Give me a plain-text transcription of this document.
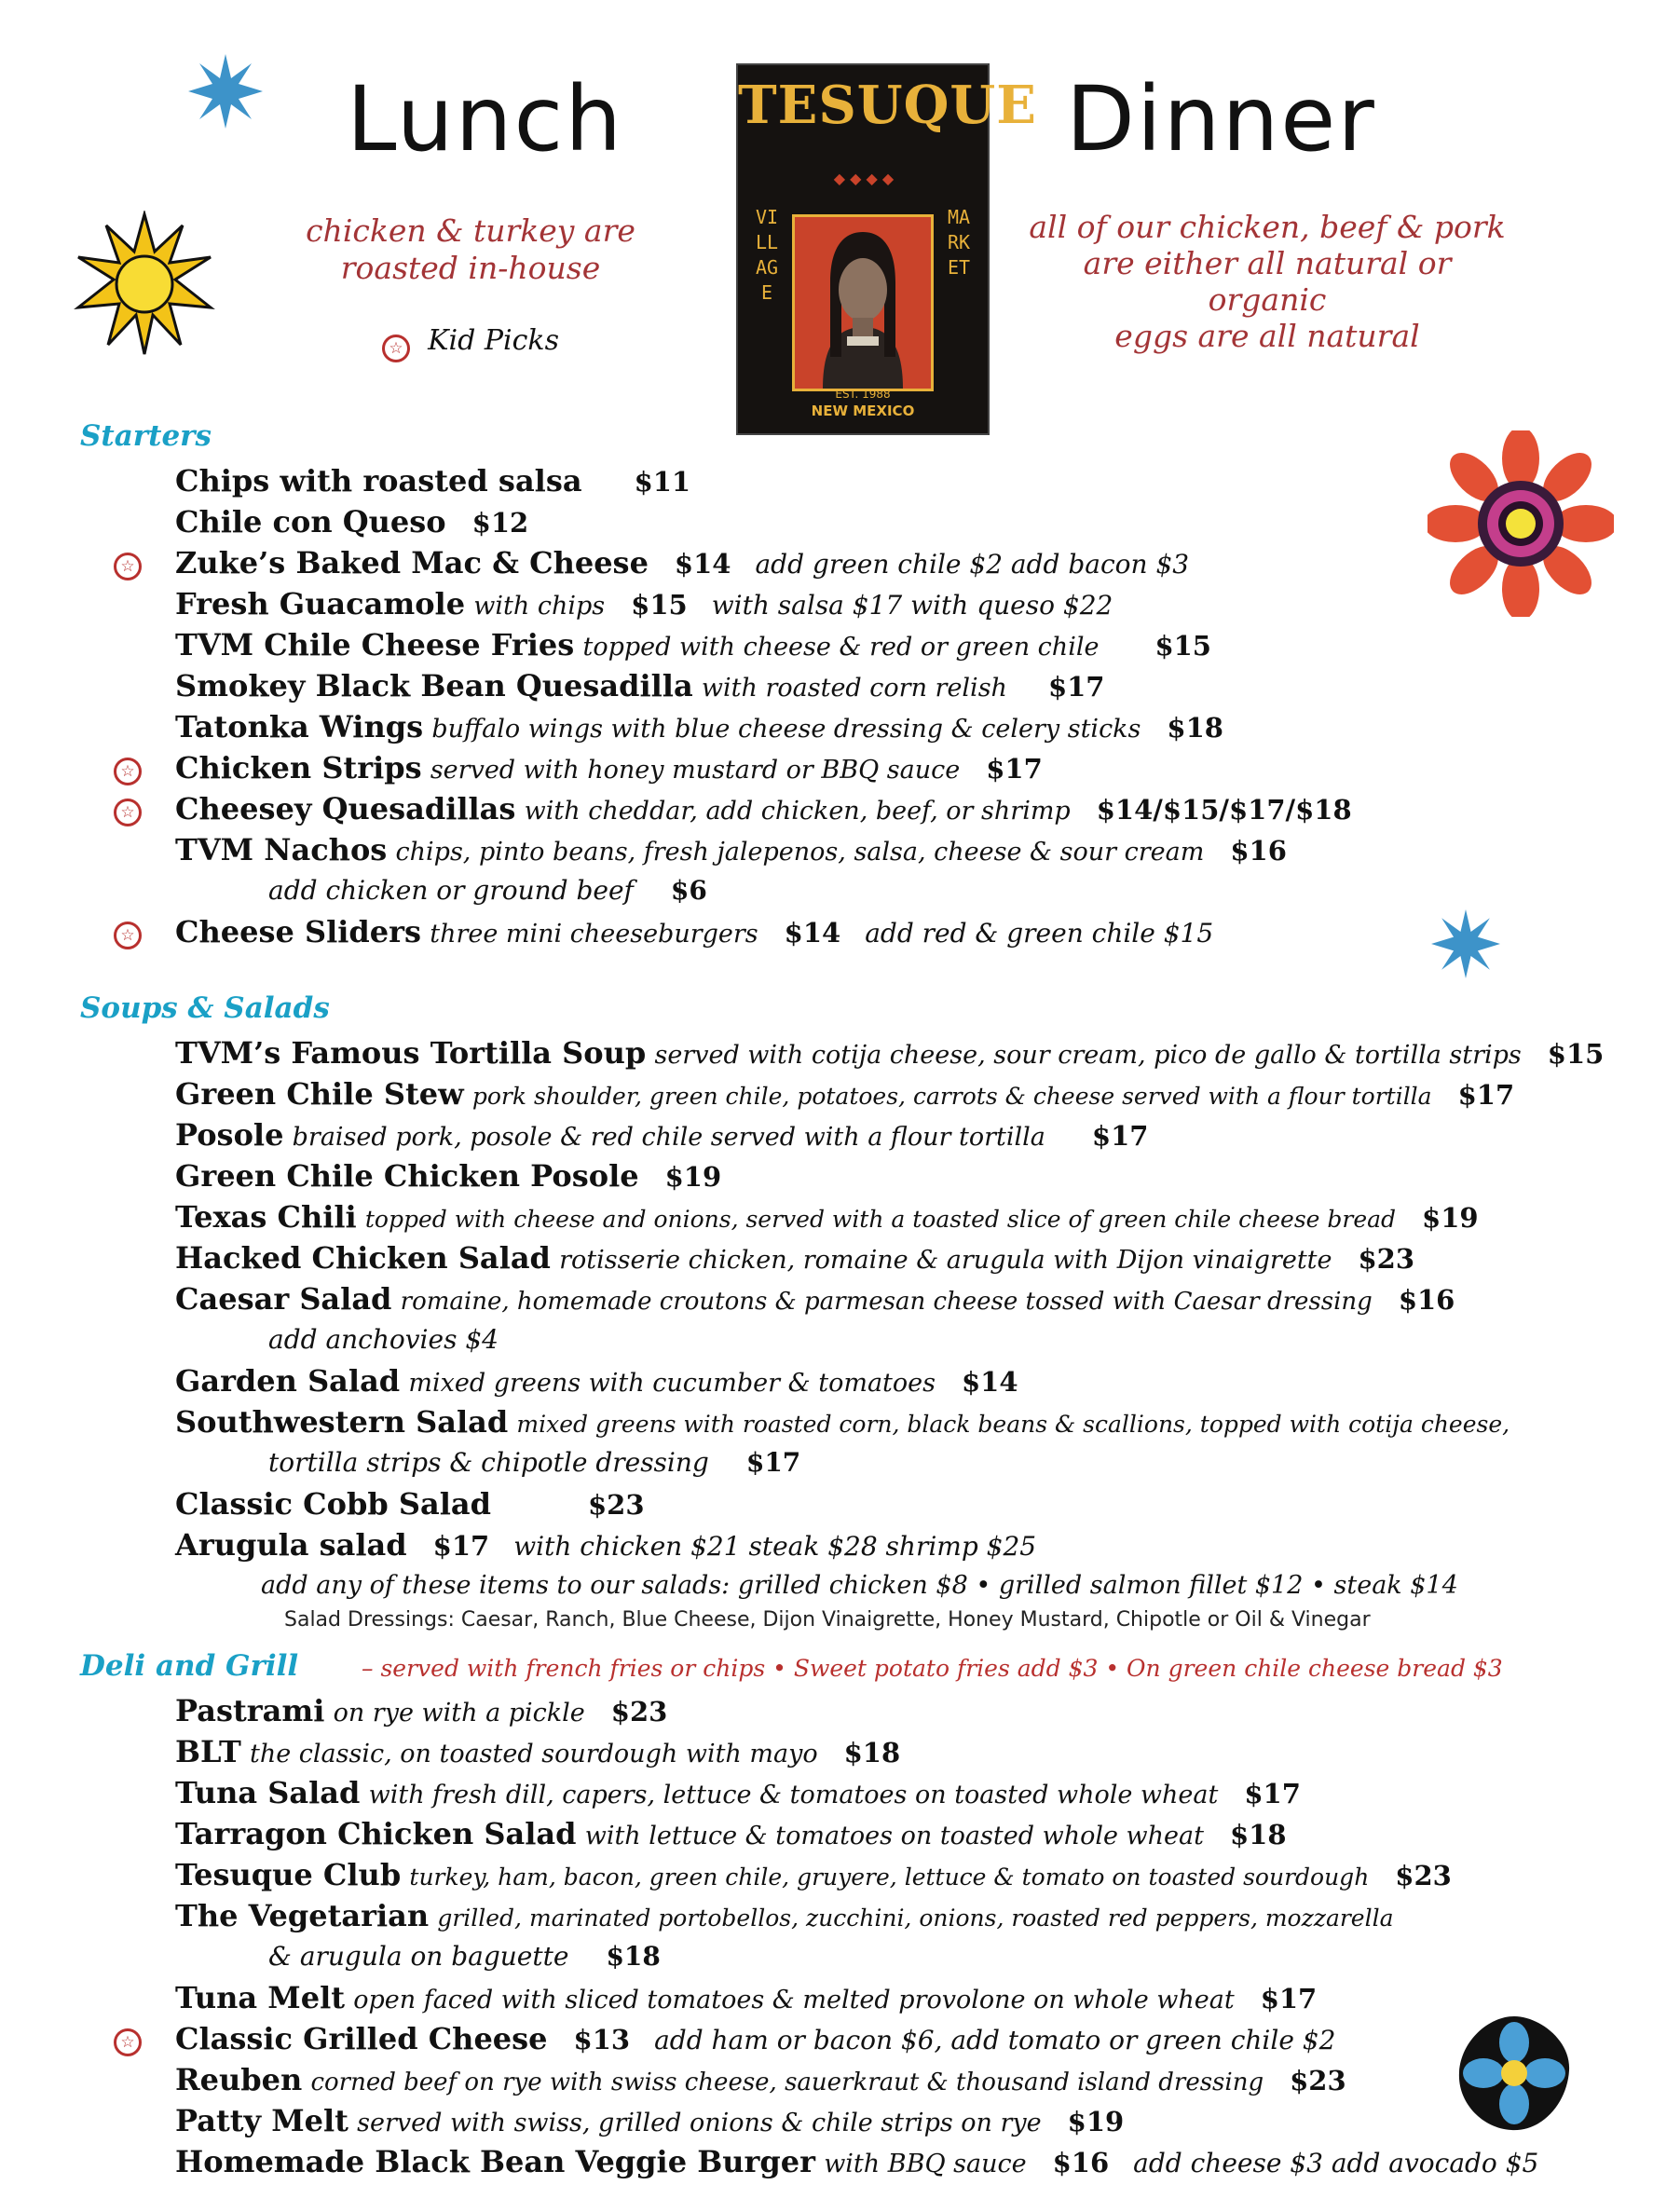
Lunch	Dinner
chicken & turkey are
roasted in-house
☆ Kid Picks
all of our chicken, beef & pork
are either all natural or organic
eggs are all natural
TESUQUE
◆ ◆ ◆ ◆
VILLAGE
MARKET
EST. 1988
NEW MEXICO
Starters
Chips with roasted salsa $11
Chile con Queso $12
☆ Zuke’s Baked Mac & Cheese $14 add green chile $2 add bacon $3
Fresh Guacamole with chips $15 with salsa $17 with queso $22
TVM Chile Cheese Fries topped with cheese & red or green chile $15
Smokey Black Bean Quesadilla with roasted corn relish $17
Tatonka Wings buffalo wings with blue cheese dressing & celery sticks $18
☆ Chicken Strips served with honey mustard or BBQ sauce $17
☆ Cheesey Quesadillas with cheddar, add chicken, beef, or shrimp $14/$15/$17/$18
TVM Nachos chips, pinto beans, fresh jalepenos, salsa, cheese & sour cream $16
add chicken or ground beef $6
☆ Cheese Sliders three mini cheeseburgers $14 add red & green chile $15
Soups & Salads
TVM’s Famous Tortilla Soup served with cotija cheese, sour cream, pico de gallo & tortilla strips $15
Green Chile Stew pork shoulder, green chile, potatoes, carrots & cheese served with a flour tortilla $17
Posole braised pork, posole & red chile served with a flour tortilla $17
Green Chile Chicken Posole $19
Texas Chili topped with cheese and onions, served with a toasted slice of green chile cheese bread $19
Hacked Chicken Salad rotisserie chicken, romaine & arugula with Dijon vinaigrette $23
Caesar Salad romaine, homemade croutons & parmesan cheese tossed with Caesar dressing $16
add anchovies $4
Garden Salad mixed greens with cucumber & tomatoes $14
Southwestern Salad mixed greens with roasted corn, black beans & scallions, topped with cotija cheese,
tortilla strips & chipotle dressing $17
Classic Cobb Salad	$23
Arugula salad $17 with chicken $21 steak $28 shrimp $25
add any of these items to our salads: grilled chicken $8 • grilled salmon fillet $12 • steak $14
Salad Dressings: Caesar, Ranch, Blue Cheese, Dijon Vinaigrette, Honey Mustard, Chipotle or Oil & Vinegar
Deli and Grill	– served with french fries or chips • Sweet potato fries add $3 • On green chile cheese bread $3
Pastrami on rye with a pickle $23
BLT the classic, on toasted sourdough with mayo $18
Tuna Salad with fresh dill, capers, lettuce & tomatoes on toasted whole wheat $17
Tarragon Chicken Salad with lettuce & tomatoes on toasted whole wheat $18
Tesuque Club turkey, ham, bacon, green chile, gruyere, lettuce & tomato on toasted sourdough $23
The Vegetarian grilled, marinated portobellos, zucchini, onions, roasted red peppers, mozzarella
& arugula on baguette $18
Tuna Melt open faced with sliced tomatoes & melted provolone on whole wheat $17
☆ Classic Grilled Cheese $13 add ham or bacon $6, add tomato or green chile $2
Reuben corned beef on rye with swiss cheese, sauerkraut & thousand island dressing $23
Patty Melt served with swiss, grilled onions & chile strips on rye $19
Homemade Black Bean Veggie Burger with BBQ sauce $16 add cheese $3 add avocado $5
